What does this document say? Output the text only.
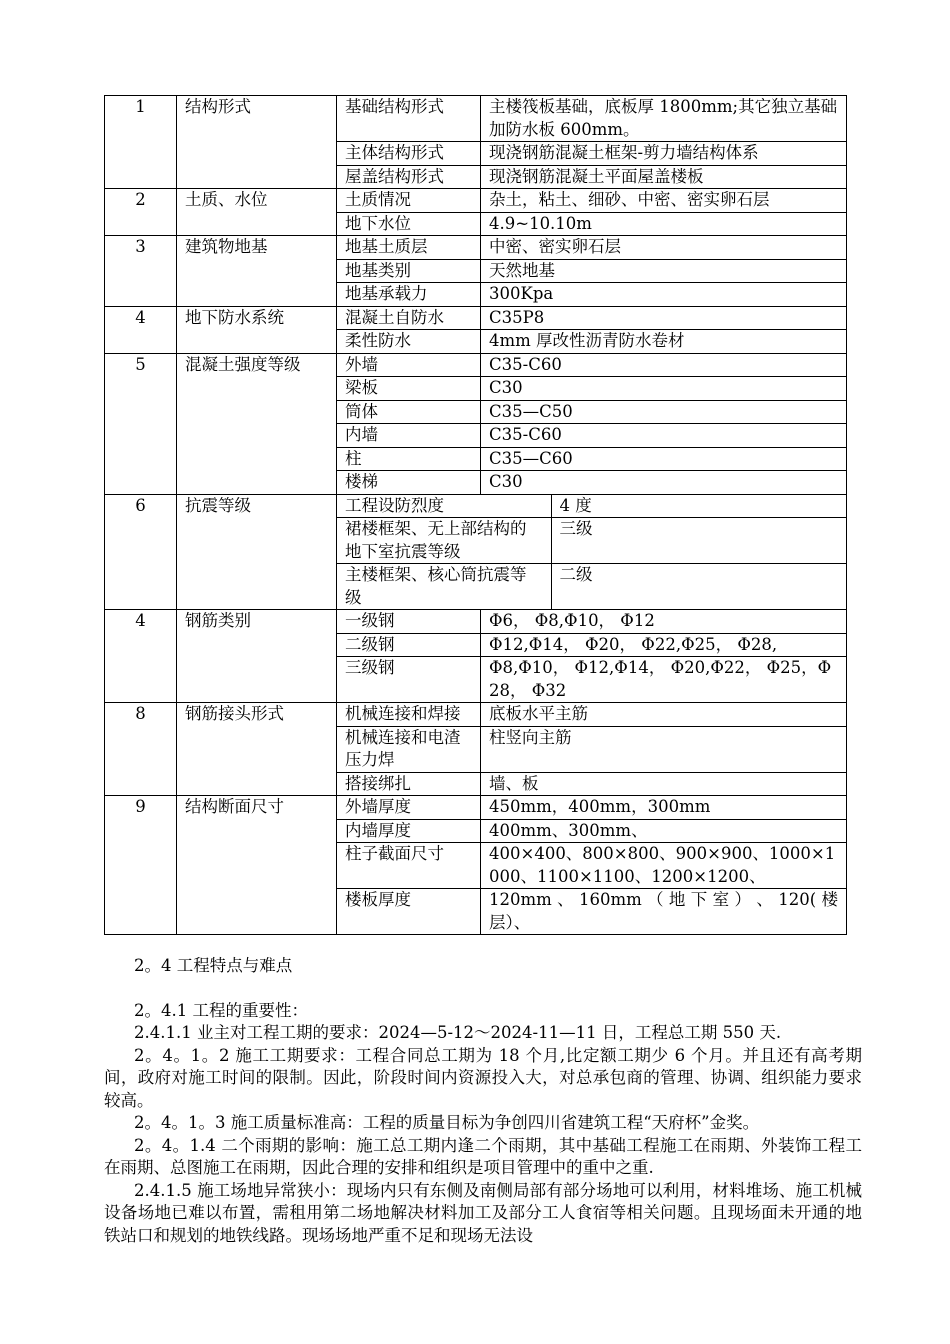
1	结构形式	基础结构形式	主楼筏板基础，底板厚 1800mm;其它独立基础加防水板 600mm。
主体结构形式	现浇钢筋混凝土框架-剪力墙结构体系
屋盖结构形式	现浇钢筋混凝土平面屋盖楼板
2	土质、水位	土质情况	杂土，粘土、细砂、中密、密实卵石层
地下水位	4.9~10.10m
3	建筑物地基	地基土质层	中密、密实卵石层
地基类别	天然地基
地基承载力	300Kpa
4	地下防水系统	混凝土自防水	C35P8
柔性防水	4mm 厚改性沥青防水卷材
5	混凝土强度等级	外墙	C35-C60
梁板	C30
筒体	C35—C50
内墙	C35-C60
柱	C35—C60
楼梯	C30
6	抗震等级		工程设防烈度	4 度
裙楼框架、无上部结构的地下室抗震等级	三级
主楼框架、核心筒抗震等级	二级

4	钢筋类别	一级钢	Φ6， Φ8,Φ10， Φ12
二级钢	Φ12,Φ14， Φ20， Φ22,Φ25， Φ28,
三级钢	Φ8,Φ10， Φ12,Φ14， Φ20,Φ22， Φ25，Φ28， Φ32
8	钢筋接头形式	机械连接和焊接	底板水平主筋
机械连接和电渣压力焊	柱竖向主筋
搭接绑扎	墙、板
9	结构断面尺寸	外墙厚度	450mm，400mm，300mm
内墙厚度	400mm、300mm、
柱子截面尺寸	400×400、800×800、900×900、1000×1000、1100×1100、1200×1200、
楼板厚度	120mm 、 160mm （ 地 下 室 ） 、 120( 楼层）、

2。4 工程特点与难点

2。4.1 工程的重要性：

2.4.1.1 业主对工程工期的要求：2024—5-12～2024-11—11 日，工程总工期 550 天.

2。4。1。2 施工工期要求：工程合同总工期为 18 个月,比定额工期少 6 个月。并且还有高考期间，政府对施工时间的限制。因此，阶段时间内资源投入大，对总承包商的管理、协调、组织能力要求较高。

2。4。1。3 施工质量标准高：工程的质量目标为争创四川省建筑工程“天府杯”金奖。

2。4。1.4 二个雨期的影响：施工总工期内逢二个雨期，其中基础工程施工在雨期、外装饰工程工在雨期、总图施工在雨期，因此合理的安排和组织是项目管理中的重中之重.

2.4.1.5 施工场地异常狭小：现场内只有东侧及南侧局部有部分场地可以利用，材料堆场、施工机械设备场地已难以布置，需租用第二场地解决材料加工及部分工人食宿等相关问题。且现场面未开通的地铁站口和规划的地铁线路。现场场地严重不足和现场无法设
